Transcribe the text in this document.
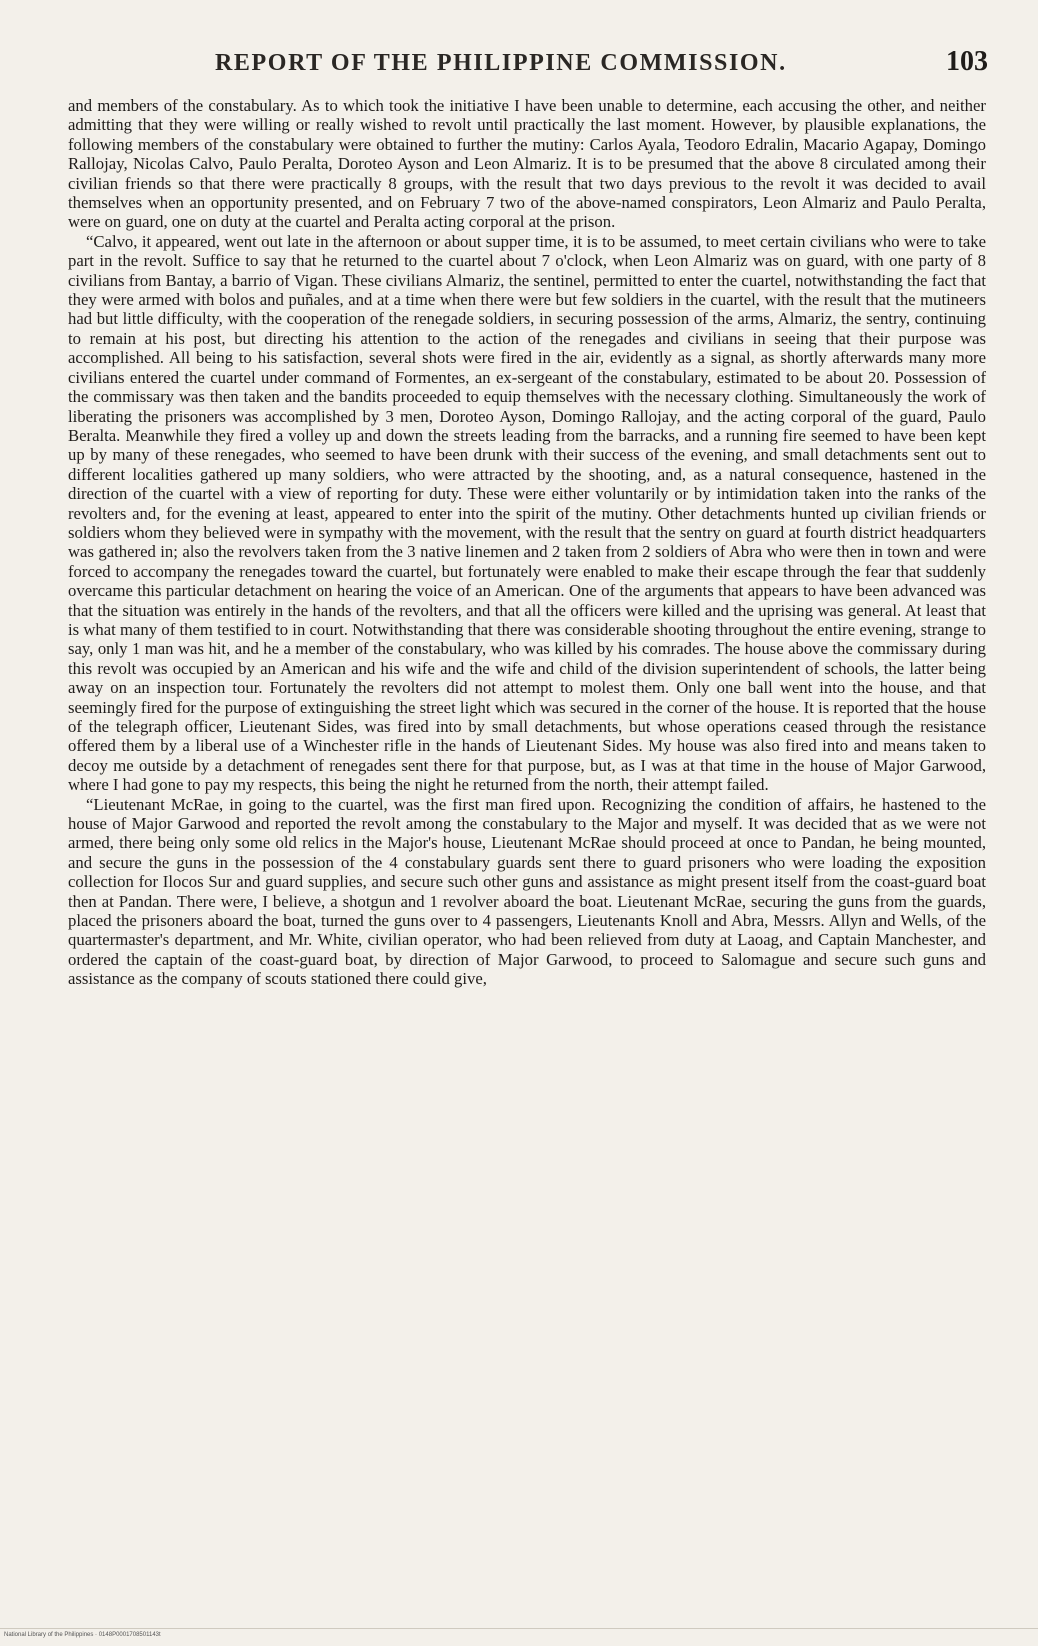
REPORT OF THE PHILIPPINE COMMISSION.	103

and members of the constabulary. As to which took the initiative I have been unable to determine, each accusing the other, and neither admitting that they were willing or really wished to revolt until practically the last moment. However, by plausible explanations, the following members of the constabulary were obtained to further the mutiny: Carlos Ayala, Teodoro Edralin, Macario Agapay, Domingo Rallojay, Nicolas Calvo, Paulo Peralta, Doroteo Ayson and Leon Almariz. It is to be presumed that the above 8 circulated among their civilian friends so that there were practically 8 groups, with the result that two days previous to the revolt it was decided to avail themselves when an opportunity presented, and on February 7 two of the above-named conspirators, Leon Almariz and Paulo Peralta, were on guard, one on duty at the cuartel and Peralta acting corporal at the prison.

“Calvo, it appeared, went out late in the afternoon or about supper time, it is to be assumed, to meet certain civilians who were to take part in the revolt. Suffice to say that he returned to the cuartel about 7 o'clock, when Leon Almariz was on guard, with one party of 8 civilians from Bantay, a barrio of Vigan. These civilians Almariz, the sentinel, permitted to enter the cuartel, notwithstanding the fact that they were armed with bolos and puñales, and at a time when there were but few soldiers in the cuartel, with the result that the mutineers had but little difficulty, with the cooperation of the renegade soldiers, in securing possession of the arms, Almariz, the sentry, continuing to remain at his post, but directing his attention to the action of the renegades and civilians in seeing that their purpose was accomplished. All being to his satisfaction, several shots were fired in the air, evidently as a signal, as shortly afterwards many more civilians entered the cuartel under command of Formentes, an ex-sergeant of the constabulary, estimated to be about 20. Possession of the commissary was then taken and the bandits proceeded to equip themselves with the necessary clothing. Simultaneously the work of liberating the prisoners was accomplished by 3 men, Doroteo Ayson, Domingo Rallojay, and the acting corporal of the guard, Paulo Beralta. Meanwhile they fired a volley up and down the streets leading from the barracks, and a running fire seemed to have been kept up by many of these renegades, who seemed to have been drunk with their success of the evening, and small detachments sent out to different localities gathered up many soldiers, who were attracted by the shooting, and, as a natural consequence, hastened in the direction of the cuartel with a view of reporting for duty. These were either voluntarily or by intimidation taken into the ranks of the revolters and, for the evening at least, appeared to enter into the spirit of the mutiny. Other detachments hunted up civilian friends or soldiers whom they believed were in sympathy with the movement, with the result that the sentry on guard at fourth district headquarters was gathered in; also the revolvers taken from the 3 native linemen and 2 taken from 2 soldiers of Abra who were then in town and were forced to accompany the renegades toward the cuartel, but fortunately were enabled to make their escape through the fear that suddenly overcame this particular detachment on hearing the voice of an American. One of the arguments that appears to have been advanced was that the situation was entirely in the hands of the revolters, and that all the officers were killed and the uprising was general. At least that is what many of them testified to in court. Notwithstanding that there was considerable shooting throughout the entire evening, strange to say, only 1 man was hit, and he a member of the constabulary, who was killed by his comrades. The house above the commissary during this revolt was occupied by an American and his wife and the wife and child of the division superintendent of schools, the latter being away on an inspection tour. Fortunately the revolters did not attempt to molest them. Only one ball went into the house, and that seemingly fired for the purpose of extinguishing the street light which was secured in the corner of the house. It is reported that the house of the telegraph officer, Lieutenant Sides, was fired into by small detachments, but whose operations ceased through the resistance offered them by a liberal use of a Winchester rifle in the hands of Lieutenant Sides. My house was also fired into and means taken to decoy me outside by a detachment of renegades sent there for that purpose, but, as I was at that time in the house of Major Garwood, where I had gone to pay my respects, this being the night he returned from the north, their attempt failed.

“Lieutenant McRae, in going to the cuartel, was the first man fired upon. Recognizing the condition of affairs, he hastened to the house of Major Garwood and reported the revolt among the constabulary to the Major and myself. It was decided that as we were not armed, there being only some old relics in the Major's house, Lieutenant McRae should proceed at once to Pandan, he being mounted, and secure the guns in the possession of the 4 constabulary guards sent there to guard prisoners who were loading the exposition collection for Ilocos Sur and guard supplies, and secure such other guns and assistance as might present itself from the coast-guard boat then at Pandan. There were, I believe, a shotgun and 1 revolver aboard the boat. Lieutenant McRae, securing the guns from the guards, placed the prisoners aboard the boat, turned the guns over to 4 passengers, Lieutenants Knoll and Abra, Messrs. Allyn and Wells, of the quartermaster's department, and Mr. White, civilian operator, who had been relieved from duty at Laoag, and Captain Manchester, and ordered the captain of the coast-guard boat, by direction of Major Garwood, to proceed to Salomague and secure such guns and assistance as the company of scouts stationed there could give,

National Library of the Philippines · 0148P0001708501143t
